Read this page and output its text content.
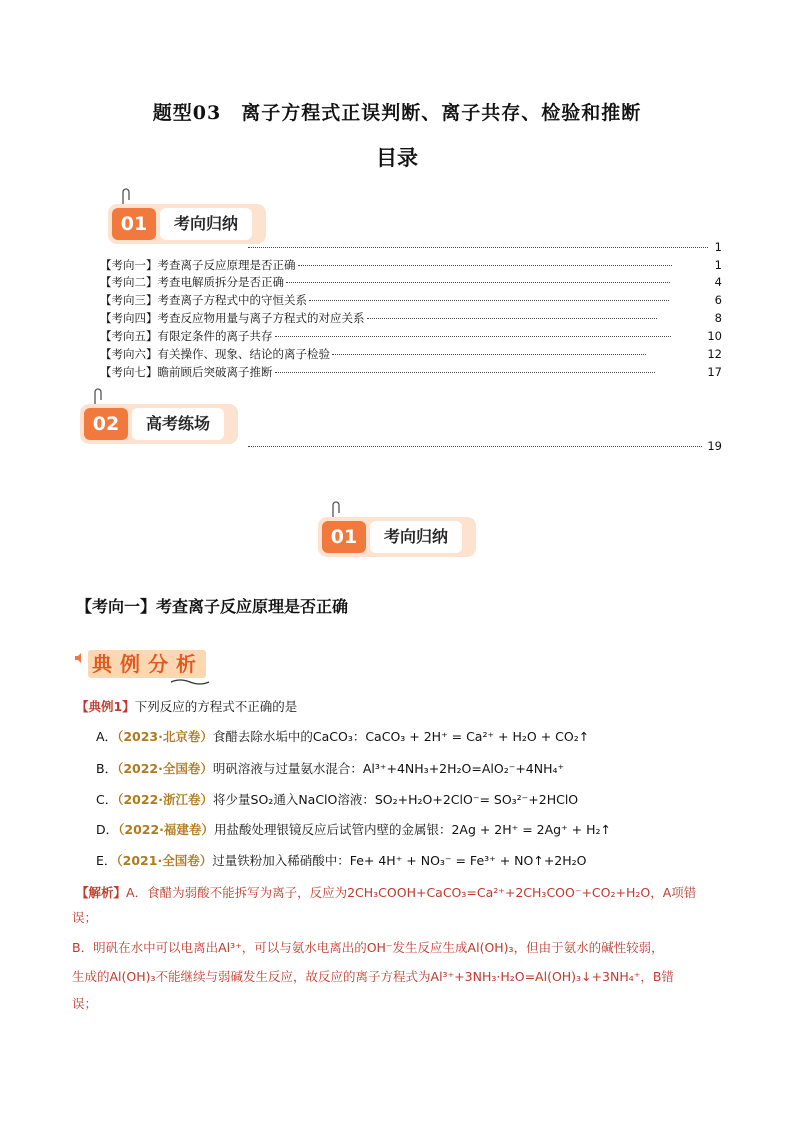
题型03　离子方程式正误判断、离子共存、检验和推断
目录
01	考向归纳
1
【考向一】考查离子反应原理是否正确	1
【考向二】考查电解质拆分是否正确	4
【考向三】考查离子方程式中的守恒关系	6
【考向四】考查反应物用量与离子方程式的对应关系	8
【考向五】有限定条件的离子共存	10
【考向六】有关操作、现象、结论的离子检验	12
【考向七】瞻前顾后突破离子推断	17
02	高考练场
19
01	考向归纳
【考向一】考查离子反应原理是否正确
典例分析
【典例1】下列反应的方程式不正确的是
A．（2023·北京卷）食醋去除水垢中的CaCO₃：CaCO₃ + 2H⁺ = Ca²⁺ + H₂O + CO₂↑
B．（2022·全国卷）明矾溶液与过量氨水混合：Al³⁺+4NH₃+2H₂O=AlO₂⁻+4NH₄⁺
C．（2022·浙江卷）将少量SO₂通入NaClO溶液：SO₂+H₂O+2ClO⁻= SO₃²⁻+2HClO
D．（2022·福建卷）用盐酸处理银镜反应后试管内壁的金属银：2Ag + 2H⁺ = 2Ag⁺ + H₂↑
E．（2021·全国卷）过量铁粉加入稀硝酸中：Fe+ 4H⁺ + NO₃⁻ = Fe³⁺ + NO↑+2H₂O
【解析】A．食醋为弱酸不能拆写为离子，反应为2CH₃COOH+CaCO₃=Ca²⁺+2CH₃COO⁻+CO₂+H₂O，A项错
误；
B．明矾在水中可以电离出Al³⁺，可以与氨水电离出的OH⁻发生反应生成Al(OH)₃，但由于氨水的碱性较弱，
生成的Al(OH)₃不能继续与弱碱发生反应，故反应的离子方程式为Al³⁺+3NH₃·H₂O=Al(OH)₃↓+3NH₄⁺，B错
误；
